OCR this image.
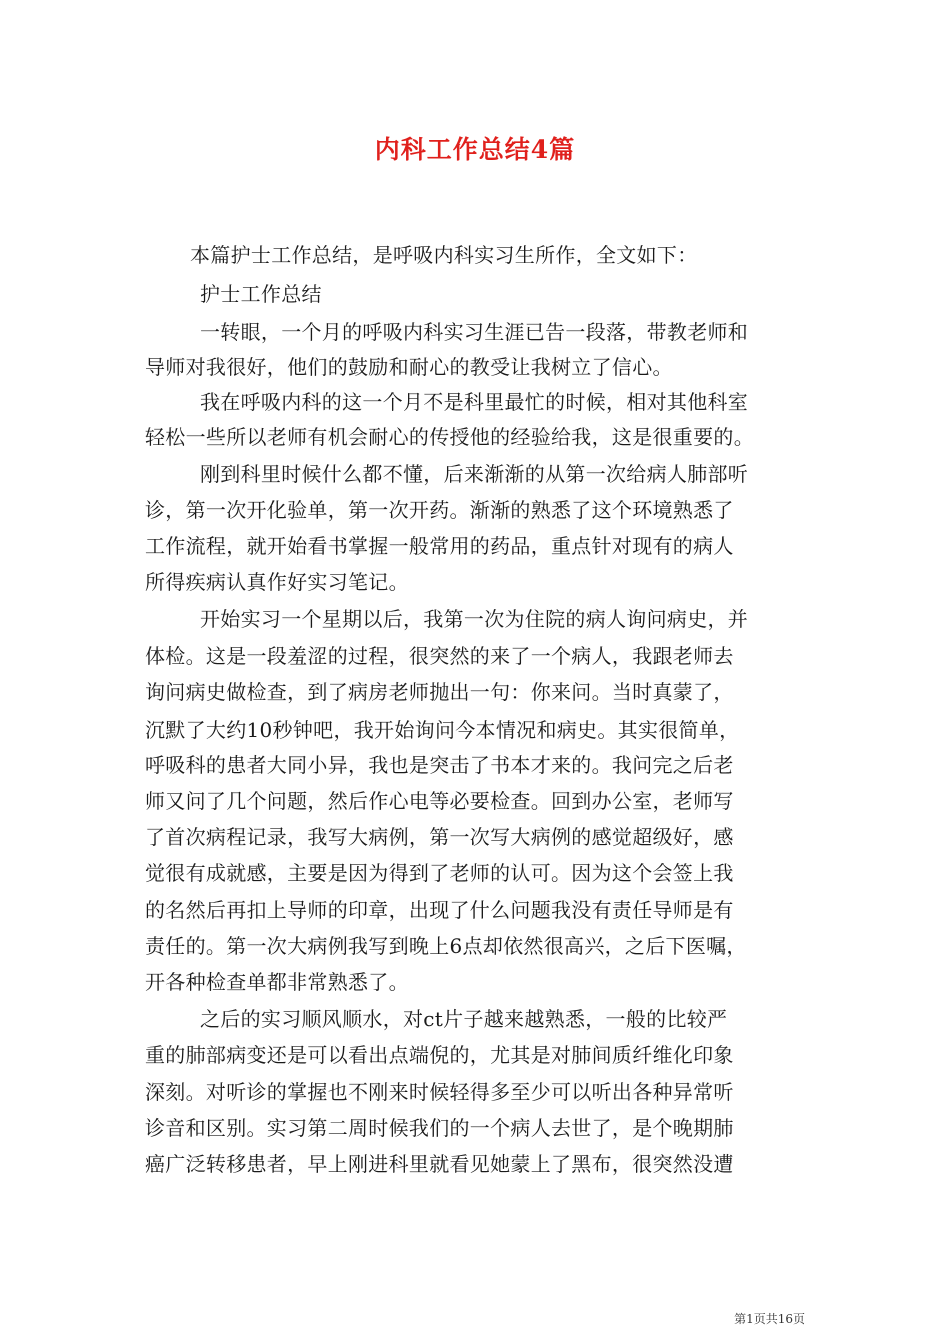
内科工作总结4篇
本篇护士工作总结，是呼吸内科实习生所作，全文如下：
护士工作总结
一转眼，一个月的呼吸内科实习生涯已告一段落，带教老师和
导师对我很好，他们的鼓励和耐心的教受让我树立了信心。
我在呼吸内科的这一个月不是科里最忙的时候，相对其他科室
轻松一些所以老师有机会耐心的传授他的经验给我，这是很重要的。
刚到科里时候什么都不懂，后来渐渐的从第一次给病人肺部听
诊，第一次开化验单，第一次开药。渐渐的熟悉了这个环境熟悉了
工作流程，就开始看书掌握一般常用的药品，重点针对现有的病人
所得疾病认真作好实习笔记。
开始实习一个星期以后，我第一次为住院的病人询问病史，并
体检。这是一段羞涩的过程，很突然的来了一个病人，我跟老师去
询问病史做检查，到了病房老师抛出一句：你来问。当时真蒙了，
沉默了大约10秒钟吧，我开始询问今本情况和病史。其实很简单，
呼吸科的患者大同小异，我也是突击了书本才来的。我问完之后老
师又问了几个问题，然后作心电等必要检查。回到办公室，老师写
了首次病程记录，我写大病例，第一次写大病例的感觉超级好，感
觉很有成就感，主要是因为得到了老师的认可。因为这个会签上我
的名然后再扣上导师的印章，出现了什么问题我没有责任导师是有
责任的。第一次大病例我写到晚上6点却依然很高兴，之后下医嘱，
开各种检查单都非常熟悉了。
之后的实习顺风顺水，对ct片子越来越熟悉，一般的比较严
重的肺部病变还是可以看出点端倪的，尤其是对肺间质纤维化印象
深刻。对听诊的掌握也不刚来时候轻得多至少可以听出各种异常听
诊音和区别。实习第二周时候我们的一个病人去世了，是个晚期肺
癌广泛转移患者，早上刚进科里就看见她蒙上了黑布，很突然没遭
第1页共16页
